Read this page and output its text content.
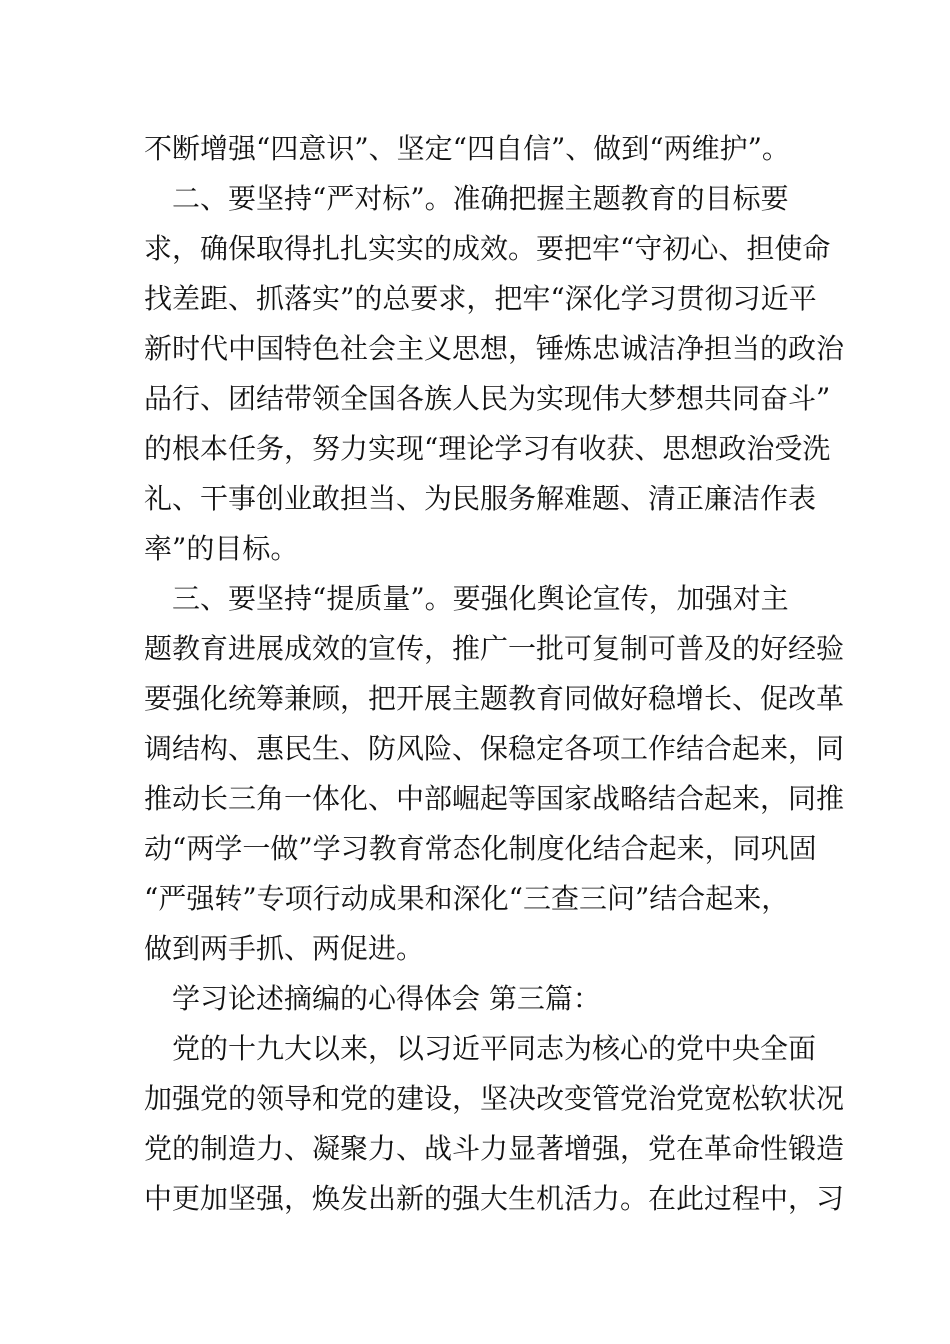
不断增强“四意识”、坚定“四自信”、做到“两维护”。
　二、要坚持“严对标”。准确把握主题教育的目标要
求，确保取得扎扎实实的成效。要把牢“守初心、担使命
找差距、抓落实”的总要求，把牢“深化学习贯彻习近平
新时代中国特色社会主义思想，锤炼忠诚洁净担当的政治
品行、团结带领全国各族人民为实现伟大梦想共同奋斗”
的根本任务，努力实现“理论学习有收获、思想政治受洗
礼、干事创业敢担当、为民服务解难题、清正廉洁作表
率”的目标。
　三、要坚持“提质量”。要强化舆论宣传，加强对主
题教育进展成效的宣传，推广一批可复制可普及的好经验
要强化统筹兼顾，把开展主题教育同做好稳增长、促改革
调结构、惠民生、防风险、保稳定各项工作结合起来，同
推动长三角一体化、中部崛起等国家战略结合起来，同推
动“两学一做”学习教育常态化制度化结合起来，同巩固
“严强转”专项行动成果和深化“三查三问”结合起来，
做到两手抓、两促进。
学习论述摘编的心得体会 第三篇：
　党的十九大以来，以习近平同志为核心的党中央全面
加强党的领导和党的建设，坚决改变管党治党宽松软状况
党的制造力、凝聚力、战斗力显著增强，党在革命性锻造
中更加坚强，焕发出新的强大生机活力。在此过程中，习
